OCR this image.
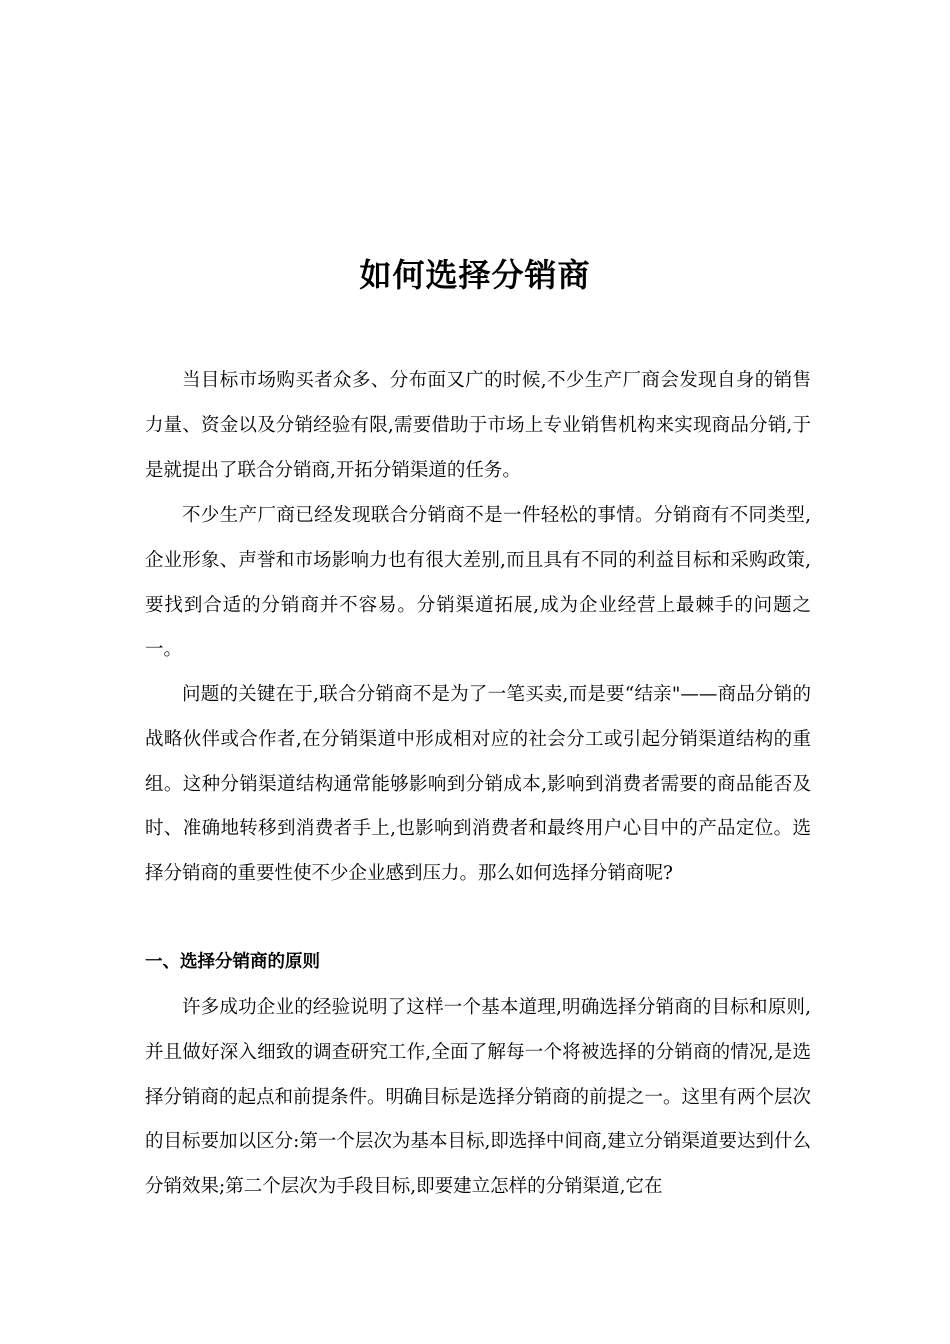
如何选择分销商

当目标市场购买者众多、分布面又广的时候,不少生产厂商会发现自身的销售力量、资金以及分销经验有限,需要借助于市场上专业销售机构来实现商品分销,于是就提出了联合分销商,开拓分销渠道的任务。

不少生产厂商已经发现联合分销商不是一件轻松的事情。分销商有不同类型,企业形象、声誉和市场影响力也有很大差别,而且具有不同的利益目标和采购政策,要找到合适的分销商并不容易。分销渠道拓展,成为企业经营上最棘手的问题之一。

问题的关键在于,联合分销商不是为了一笔买卖,而是要“结亲"——商品分销的战略伙伴或合作者,在分销渠道中形成相对应的社会分工或引起分销渠道结构的重组。这种分销渠道结构通常能够影响到分销成本,影响到消费者需要的商品能否及时、准确地转移到消费者手上,也影响到消费者和最终用户心目中的产品定位。选择分销商的重要性使不少企业感到压力。那么如何选择分销商呢?

一、选择分销商的原则

许多成功企业的经验说明了这样一个基本道理,明确选择分销商的目标和原则,并且做好深入细致的调查研究工作,全面了解每一个将被选择的分销商的情况,是选择分销商的起点和前提条件。明确目标是选择分销商的前提之一。这里有两个层次的目标要加以区分:第一个层次为基本目标,即选择中间商,建立分销渠道要达到什么分销效果;第二个层次为手段目标,即要建立怎样的分销渠道,它在
